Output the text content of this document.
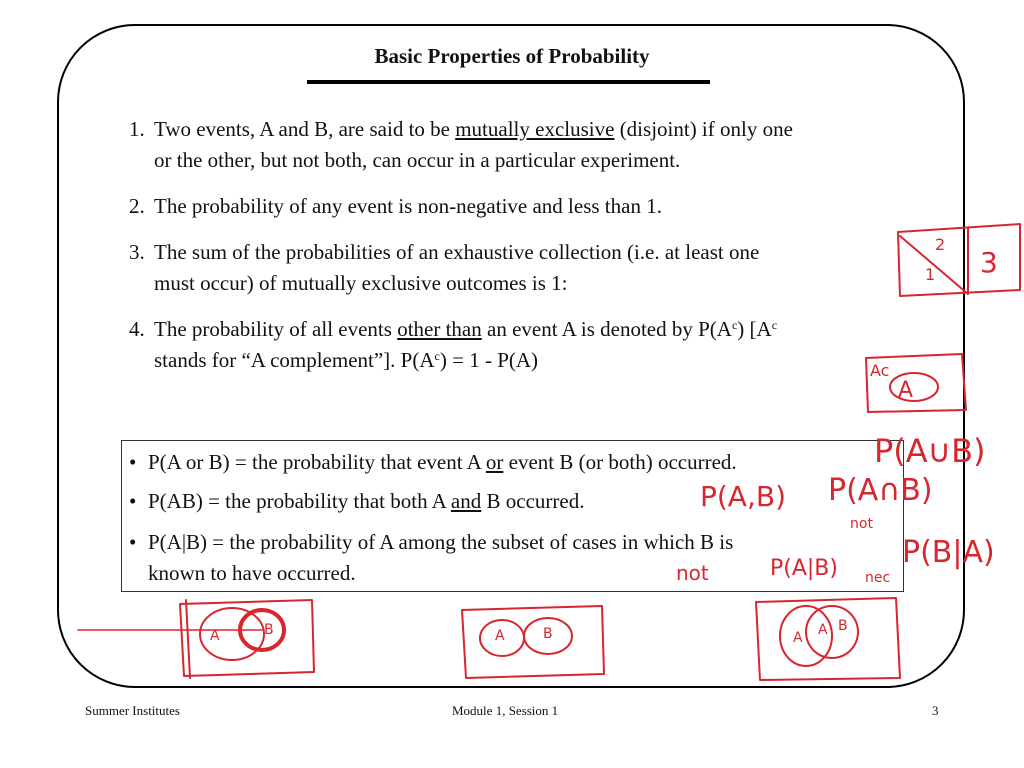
Basic Properties of Probability
1. Two events, A and B, are said to be mutually exclusive (disjoint) if only one
or the other, but not both, can occur in a particular experiment.
2. The probability of any event is non-negative and less than 1.
3. The sum of the probabilities of an exhaustive collection (i.e. at least one
must occur) of mutually exclusive outcomes is 1:
4. The probability of all events other than an event A is denoted by $P(A^c)$ [$A^c$
stands for “A complement”]. $P(A^c) = 1 - P(A)$
• P(A or B) = the probability that event A or event B (or both) occurred.
• P(AB) = the probability that both A and B occurred.
• P(A|B) = the probability of A among the subset of cases in which B is
known to have occurred.
2
1 3
Ac
A
P(A∪B)
P(A,B) P(A∩B)
P(B|A)
P(A|B)
not
not
nec
A	B	A	B	A A B
Summer Institutes	Module 1, Session 1	3
